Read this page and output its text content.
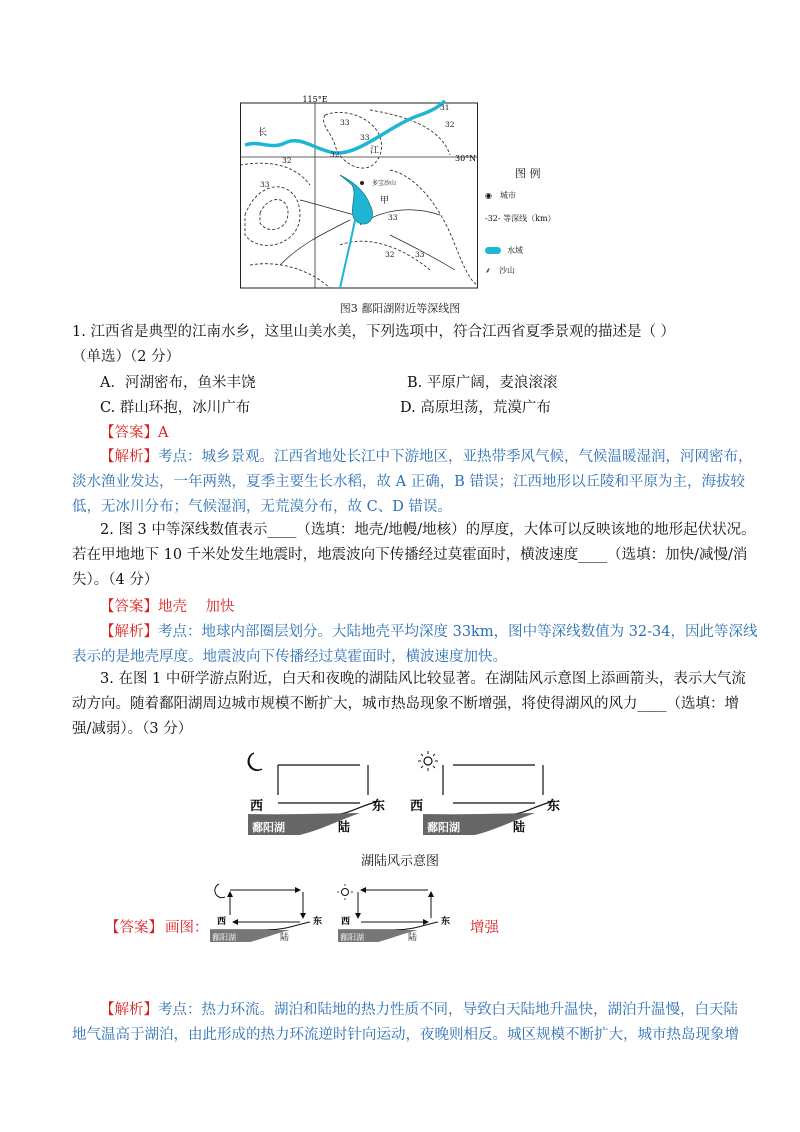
115°E
30°N
长
江
多宝沙山
甲
31
32
33
33
32
33
32	33
32
33
图 例
◉ 城市
-32- 等深线（km）
水域
⸙ 沙山
图3 鄱阳湖附近等深线图
1. 江西省是典型的江南水乡，这里山美水美，下列选项中，符合江西省夏季景观的描述是（ ）
（单选）（2 分）
A．河湖密布，鱼米丰饶	B. 平原广阔，麦浪滚滚
C. 群山环抱，冰川广布	D. 高原坦荡，荒漠广布
【答案】A
【解析】考点：城乡景观。江西省地处长江中下游地区，亚热带季风气候，气候温暖湿润，河网密布，
淡水渔业发达，一年两熟，夏季主要生长水稻，故 A 正确，B 错误；江西地形以丘陵和平原为主，海拔较
低，无冰川分布；气候湿润，无荒漠分布，故 C、D 错误。
2. 图 3 中等深线数值表示____（选填：地壳/地幔/地核）的厚度，大体可以反映该地的地形起伏状况。
若在甲地地下 10 千米处发生地震时，地震波向下传播经过莫霍面时，横波速度____（选填：加快/减慢/消
失）。（4 分）
【答案】地壳    加快
【解析】考点：地球内部圈层划分。大陆地壳平均深度 33km，图中等深线数值为 32-34，因此等深线
表示的是地壳厚度。地震波向下传播经过莫霍面时，横波速度加快。
3. 在图 1 中研学游点附近，白天和夜晚的湖陆风比较显著。在湖陆风示意图上添画箭头，表示大气流
动方向。随着鄱阳湖周边城市规模不断扩大，城市热岛现象不断增强，将使得湖风的风力____（选填：增
强/减弱）。（3 分）
西	东
鄱阳湖	陆
西	东
鄱阳湖	陆
湖陆风示意图
【答案】 画图： 西	东
鄱阳湖	陆
西	东
鄱阳湖	陆
增强
【解析】考点：热力环流。湖泊和陆地的热力性质不同，导致白天陆地升温快，湖泊升温慢，白天陆
地气温高于湖泊，由此形成的热力环流逆时针向运动，夜晚则相反。城区规模不断扩大，城市热岛现象增
